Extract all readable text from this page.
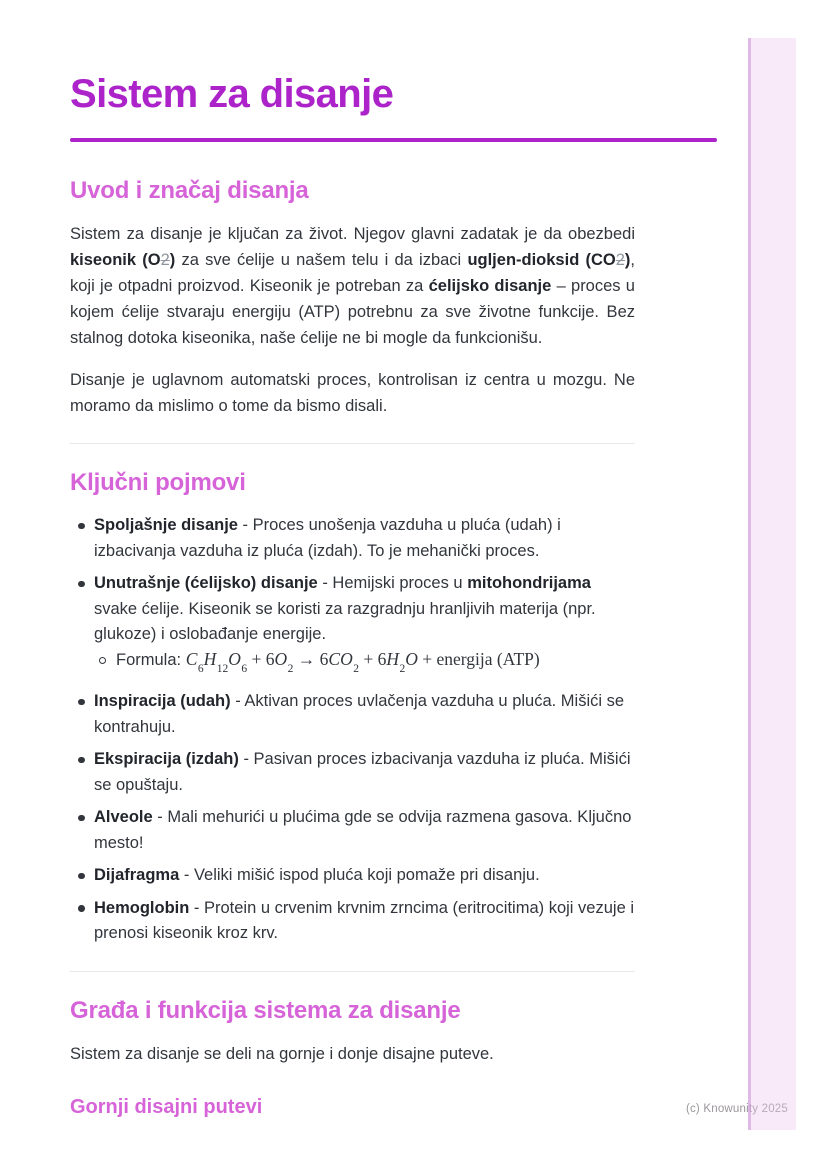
Sistem za disanje
Uvod i značaj disanja

Sistem za disanje je ključan za život. Njegov glavni zadatak je da obezbedi kiseonik (O2) za sve ćelije u našem telu i da izbaci ugljen-dioksid (CO2), koji je otpadni proizvod. Kiseonik je potreban za ćelijsko disanje – proces u kojem ćelije stvaraju energiju (ATP) potrebnu za sve životne funkcije. Bez stalnog dotoka kiseonika, naše ćelije ne bi mogle da funkcionišu.

Disanje je uglavnom automatski proces, kontrolisan iz centra u mozgu. Ne moramo da mislimo o tome da bismo disali.

Ključni pojmovi
Spoljašnje disanje - Proces unošenja vazduha u pluća (udah) i izbacivanja vazduha iz pluća (izdah). To je mehanički proces.
Unutrašnje (ćelijsko) disanje - Hemijski proces u mitohondrijama svake ćelije. Kiseonik se koristi za razgradnju hranljivih materija (npr. glukoze) i oslobađanje energije.
Formula: $C_6H_{12}O_6 + 6O_2 \to 6CO_2 + 6H_2O$ + energija (ATP)
Inspiracija (udah) - Aktivan proces uvlačenja vazduha u pluća. Mišići se kontrahuju.
Ekspiracija (izdah) - Pasivan proces izbacivanja vazduha iz pluća. Mišići se opuštaju.
Alveole - Mali mehurići u plućima gde se odvija razmena gasova. Ključno mesto!
Dijafragma - Veliki mišić ispod pluća koji pomaže pri disanju.
Hemoglobin - Protein u crvenim krvnim zrncima (eritrocitima) koji vezuje i prenosi kiseonik kroz krv.
Građa i funkcija sistema za disanje

Sistem za disanje se deli na gornje i donje disajne puteve.

Gornji disajni putevi	(c) Knowunity 2025
